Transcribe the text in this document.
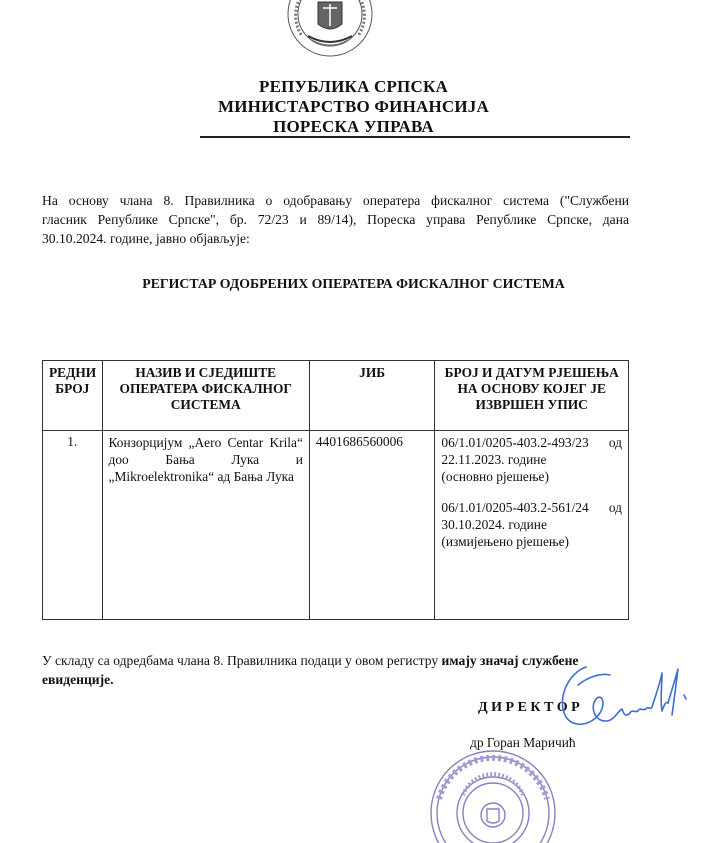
РЕПУБЛИКА СРПСКА
МИНИСТАРСТВО ФИНАНСИЈА
ПОРЕСКА УПРАВА
На основу члана 8. Правилника о одобравању оператера фискалног система ("Службени
гласник Републике Српске", бр. 72/23 и 89/14), Пореска управа Републике Српске, дана
30.10.2024. године, јавно објављује:
РЕГИСТАР ОДОБРЕНИХ ОПЕРАТЕРА ФИСКАЛНОГ СИСТЕМА
РЕДНИ БРОЈ	НАЗИВ И СЈЕДИШТЕ ОПЕРАТЕРА ФИСКАЛНОГ СИСТЕМА	ЈИБ	БРОЈ И ДАТУМ РЈЕШЕЊА НА ОСНОВУ КОЈЕГ ЈЕ ИЗВРШЕН УПИС
1.	Конзорцијум „Aero Centar Krila“ доо Бања Лука и „Mikroelektronika“ ад Бања Лука	4401686560006	06/1.01/0205-403.2-493/23 од 22.11.2023. године
(основно рјешење)
06/1.01/0205-403.2-561/24 од 30.10.2024. године
(измијењено рјешење)
У складу са одредбама члана 8. Правилника подаци у овом регистру имају значај службене евиденције.
ДИРЕКТОР
др Горан Маричић
